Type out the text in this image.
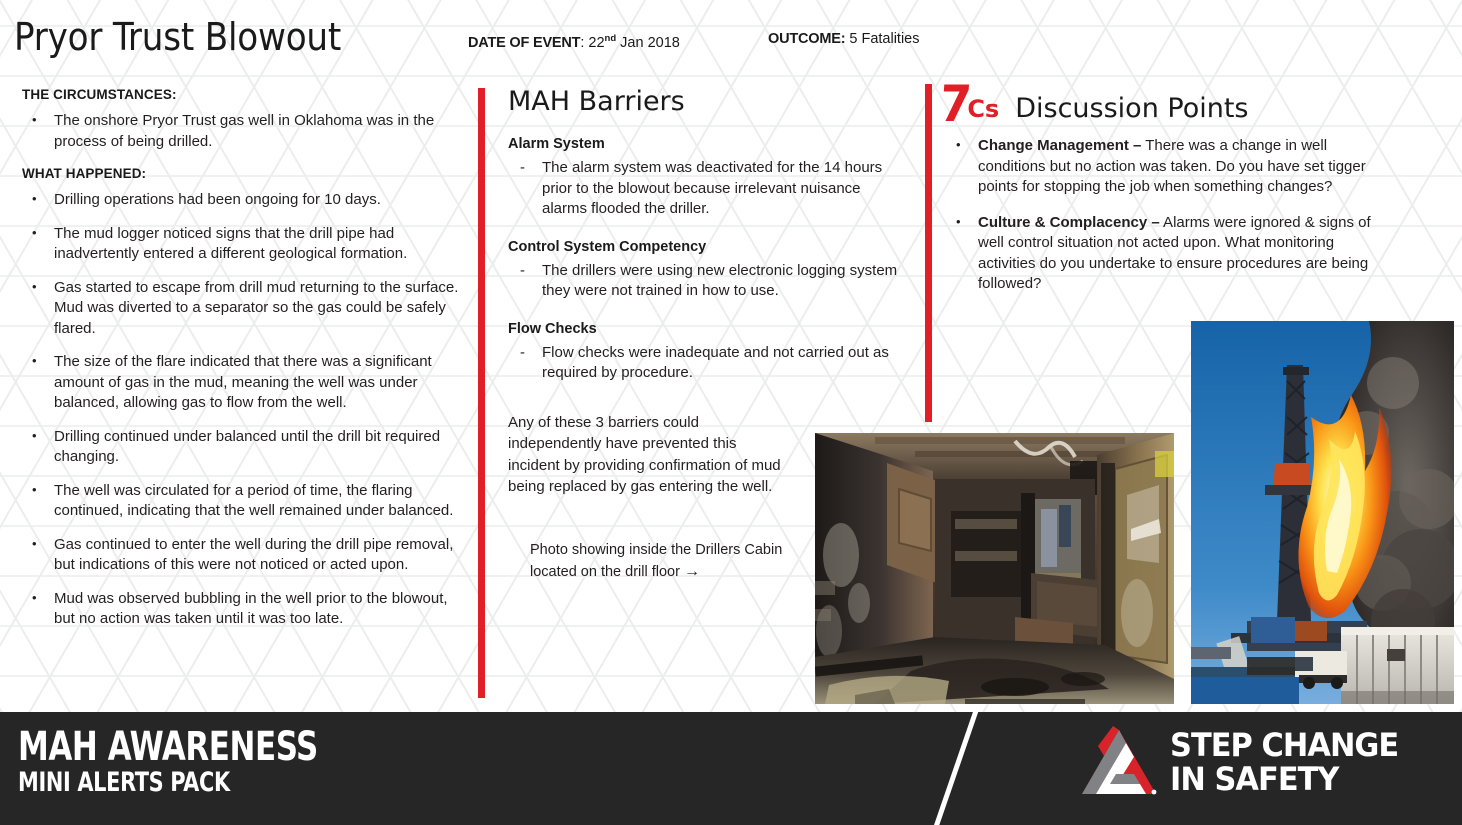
Pryor Trust Blowout	DATE OF EVENT: 22nd Jan 2018	OUTCOME: 5 Fatalities
THE CIRCUMSTANCES:
• The onshore Pryor Trust gas well in Oklahoma was in the process of being drilled.
WHAT HAPPENED:
• Drilling operations had been ongoing for 10 days.
• The mud logger noticed signs that the drill pipe had inadvertently entered a different geological formation.
• Gas started to escape from drill mud returning to the surface. Mud was diverted to a separator so the gas could be safely flared.
• The size of the flare indicated that there was a significant amount of gas in the mud, meaning the well was under balanced, allowing gas to flow from the well.
• Drilling continued under balanced until the drill bit required changing.
• The well was circulated for a period of time, the flaring continued, indicating that the well remained under balanced.
• Gas continued to enter the well during the drill pipe removal, but indications of this were not noticed or acted upon.
• Mud was observed bubbling in the well prior to the blowout, but no action was taken until it was too late.
MAH Barriers
Alarm System
- The alarm system was deactivated for the 14 hours prior to the blowout because irrelevant nuisance alarms flooded the driller.
Control System Competency
- The drillers were using new electronic logging system they were not trained in how to use.
Flow Checks
- Flow checks were inadequate and not carried out as required by procedure.
Any of these 3 barriers could independently have prevented this incident by providing confirmation of mud being replaced by gas entering the well.
Photo showing inside the Drillers Cabin located on the drill floor →
7
Cs Discussion Points
• Change Management – There was a change in well conditions but no action was taken. Do you have set tigger points for stopping the job when something changes?
• Culture & Complacency – Alarms were ignored & signs of well control situation not acted upon. What monitoring activities do you undertake to ensure procedures are being followed?
MAH AWARENESS
MINI ALERTS PACK
STEP CHANGE
IN SAFETY
